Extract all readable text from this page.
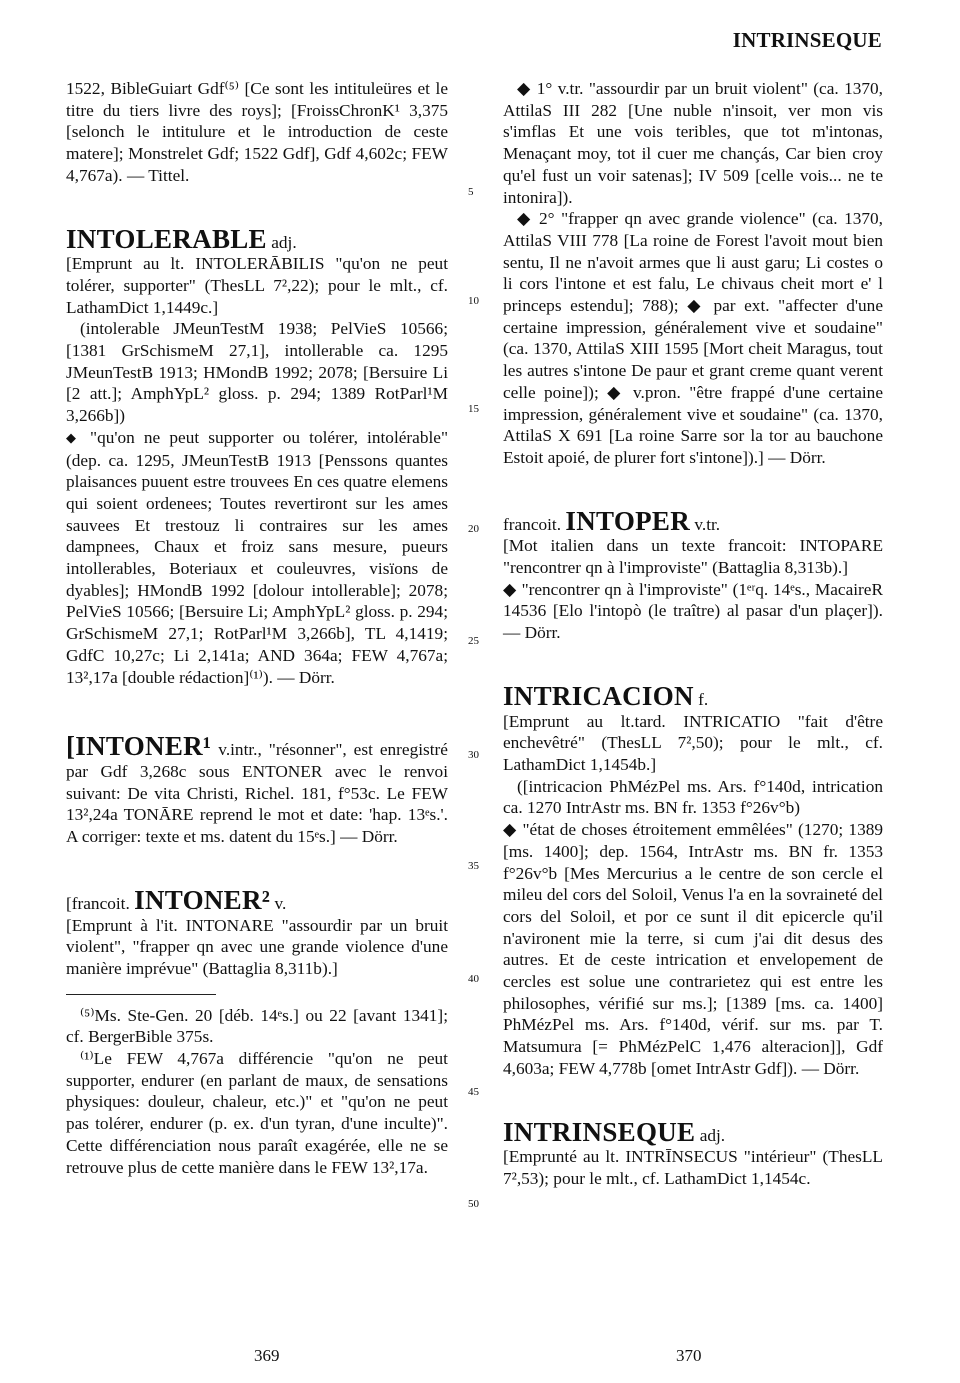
INTRINSEQUE

1522, BibleGuiart Gdf⁽⁵⁾ [Ce sont les intituleüres et le titre du tiers livre des roys]; [FroissChronK¹ 3,375 [selonch le intitulure et le introduction de ceste matere]; Monstrelet Gdf; 1522 Gdf], Gdf 4,602c; FEW 4,767a). — Tittel.

INTOLERABLE adj.

[Emprunt au lt. INTOLERĀBILIS "qu'on ne peut tolérer, supporter" (ThesLL 7²,22); pour le mlt., cf. LathamDict 1,1449c.]

(intolerable JMeunTestM 1938; PelVieS 10566; [1381 GrSchismeM 27,1], intollerable ca. 1295 JMeunTestB 1913; HMondB 1992; 2078; [Bersuire Li [2 att.]; AmphYpL² gloss. p. 294; 1389 RotParl¹M 3,266b])

◆ "qu'on ne peut supporter ou tolérer, intolérable" (dep. ca. 1295, JMeunTestB 1913 [Penssons quantes plaisances puuent estre trouvees En ces quatre elemens qui soient ordenees; Toutes revertiront sur les ames sauvees Et trestouz li contraires sur les ames dampnees, Chaux et froiz sans mesure, pueurs intollerables, Boteriaux et couleuvres, visïons de dyables]; HMondB 1992 [dolour intollerable]; 2078; PelVieS 10566; [Bersuire Li; AmphYpL² gloss. p. 294; GrSchismeM 27,1; RotParl¹M 3,266b], TL 4,1419; GdfC 10,27c; Li 2,141a; AND 364a; FEW 4,767a; 13²,17a [double rédaction]⁽¹⁾). — Dörr.

[INTONER¹ v.intr., "résonner", est enregistré par Gdf 3,268c sous ENTONER avec le renvoi suivant: De vita Christi, Richel. 181, f°53c. Le FEW 13²,24a TONĀRE reprend le mot et date: 'hap. 13ᵉs.'. A corriger: texte et ms. datent du 15ᵉs.] — Dörr.

[francoit. INTONER² v.

[Emprunt à l'it. INTONARE "assourdir par un bruit violent", "frapper qn avec une grande violence d'une manière imprévue" (Battaglia 8,311b).]

⁽⁵⁾Ms. Ste-Gen. 20 [déb. 14ᵉs.] ou 22 [avant 1341]; cf. BergerBible 375s.

⁽¹⁾Le FEW 4,767a différencie "qu'on ne peut supporter, endurer (en parlant de maux, de sensations physiques: douleur, chaleur, etc.)" et "qu'on ne peut pas tolérer, endurer (p. ex. d'un tyran, d'une inculte)". Cette différenciation nous paraît exagérée, elle ne se retrouve plus de cette manière dans le FEW 13²,17a.

5
10
15
20
25
30
35
40
45
50

◆ 1° v.tr. "assourdir par un bruit violent" (ca. 1370, AttilaS III 282 [Une nuble n'insoit, ver mon vis s'imflas Et une vois teribles, que tot m'intonas, Menaçant moy, tot il cuer me chançás, Car bien croy qu'el fust un voir satenas]; IV 509 [celle vois... ne te intonira]).

◆ 2° "frapper qn avec grande violence" (ca. 1370, AttilaS VIII 778 [La roine de Forest l'avoit mout bien sentu, Il ne n'avoit armes que li aust garu; Li costes o li cors l'intone et est falu, Le chivaus cheit mort e' l princeps estendu]; 788); ◆ par ext. "affecter d'une certaine impression, généralement vive et soudaine" (ca. 1370, AttilaS XIII 1595 [Mort cheit Maragus, tout les autres s'intone De paur et grant creme quant verent celle poine]); ◆ v.pron. "être frappé d'une certaine impression, généralement vive et soudaine" (ca. 1370, AttilaS X 691 [La roine Sarre sor la tor au bauchone Estoit apoié, de plurer fort s'intone]).] — Dörr.

francoit. INTOPER v.tr.

[Mot italien dans un texte francoit: INTOPARE "rencontrer qn à l'improviste" (Battaglia 8,313b).]

◆ "rencontrer qn à l'improviste" (1ᵉʳq. 14ᵉs., MacaireR 14536 [Elo l'intopò (le traître) al pasar d'un plaçer]). — Dörr.

INTRICACION f.

[Emprunt au lt.tard. INTRICATIO "fait d'être enchevêtré" (ThesLL 7²,50); pour le mlt., cf. LathamDict 1,1454b.]

([intricacion PhMézPel ms. Ars. f°140d, intrication ca. 1270 IntrAstr ms. BN fr. 1353 f°26v°b)

◆ "état de choses étroitement emmêlées" (1270; 1389 [ms. 1400]; dep. 1564, IntrAstr ms. BN fr. 1353 f°26v°b [Mes Mercurius a le centre de son cercle el mileu del cors del Soloil, Venus l'a en la sovraineté del cors del Soloil, et por ce sunt il dit epicercle qu'il n'avironent mie la terre, si cum j'ai dit desus des autres. Et de ceste intrication et envelopement de cercles est solue une contrarietez qui est entre les philosophes, vérifié sur ms.]; [1389 [ms. ca. 1400] PhMézPel ms. Ars. f°140d, vérif. sur ms. par T. Matsumura [= PhMézPelC 1,476 alteracion]], Gdf 4,603a; FEW 4,778b [omet IntrAstr Gdf]). — Dörr.

INTRINSEQUE adj.

[Emprunté au lt. INTRĪNSECUS "intérieur" (ThesLL 7²,53); pour le mlt., cf. LathamDict 1,1454c.

369	370
